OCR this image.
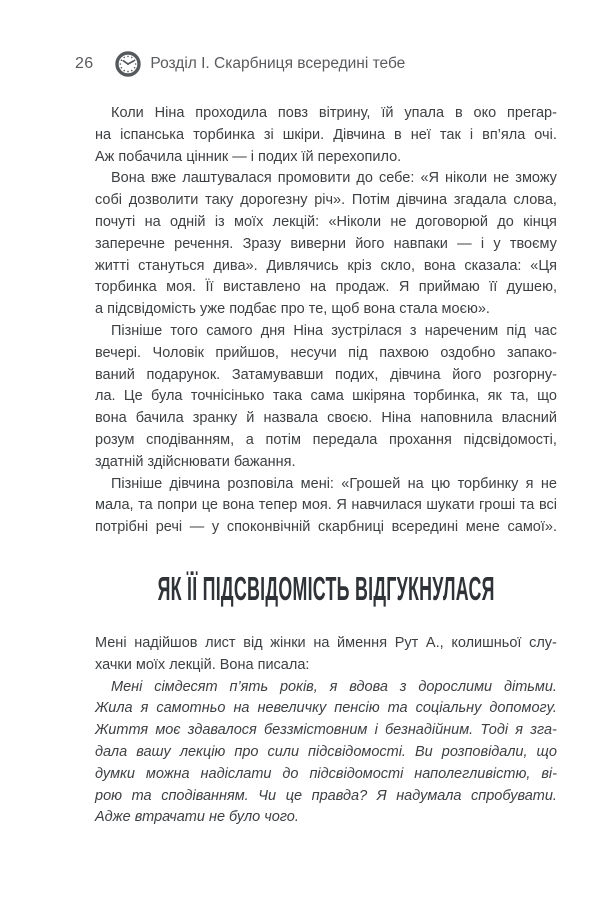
26	Розділ І. Скарбниця всередині тебе
Коли Ніна проходила повз вітрину, їй упала в око прегар-
на іспанська торбинка зі шкіри. Дівчина в неї так і вп’яла очі.
Аж побачила цінник — і подих їй перехопило.
Вона вже лаштувалася промовити до себе: «Я ніколи не зможу
собі дозволити таку дорогезну річ». Потім дівчина згадала слова,
почуті на одній із моїх лекцій: «Ніколи не договорюй до кінця
заперечне речення. Зразу виверни його навпаки — і у твоєму
житті стануться дива». Дивлячись кріз скло, вона сказала: «Ця
торбинка моя. Її виставлено на продаж. Я приймаю її душею,
а підсвідомість уже подбає про те, щоб вона стала моєю».
Пізніше того самого дня Ніна зустрілася з нареченим під час
вечері. Чоловік прийшов, несучи під пахвою оздобно запако-
ваний подарунок. Затамувавши подих, дівчина його розгорну-
ла. Це була точнісінько така сама шкіряна торбинка, як та, що
вона бачила зранку й назвала своєю. Ніна наповнила власний
розум сподіванням, а потім передала прохання підсвідомості,
здатній здійснювати бажання.
Пізніше дівчина розповіла мені: «Грошей на цю торбинку я не
мала, та попри це вона тепер моя. Я навчилася шукати гроші та всі
потрібні речі — у споконвічній скарбниці всередині мене самої».
ЯК ЇЇ ПІДСВІДОМІСТЬ ВІДГУКНУЛАСЯ
Мені надійшов лист від жінки на ймення Рут А., колишньої слу-
хачки моїх лекцій. Вона писала:
Мені сімдесят п’ять років, я вдова з дорослими дітьми.
Жила я самотньо на невеличку пенсію та соціальну допомогу.
Життя моє здавалося беззмістовним і безнадійним. Тоді я зга-
дала вашу лекцію про сили підсвідомості. Ви розповідали, що
думки можна надіслати до підсвідомості наполегливістю, ві-
рою та сподіванням. Чи це правда? Я надумала спробувати.
Адже втрачати не було чого.
